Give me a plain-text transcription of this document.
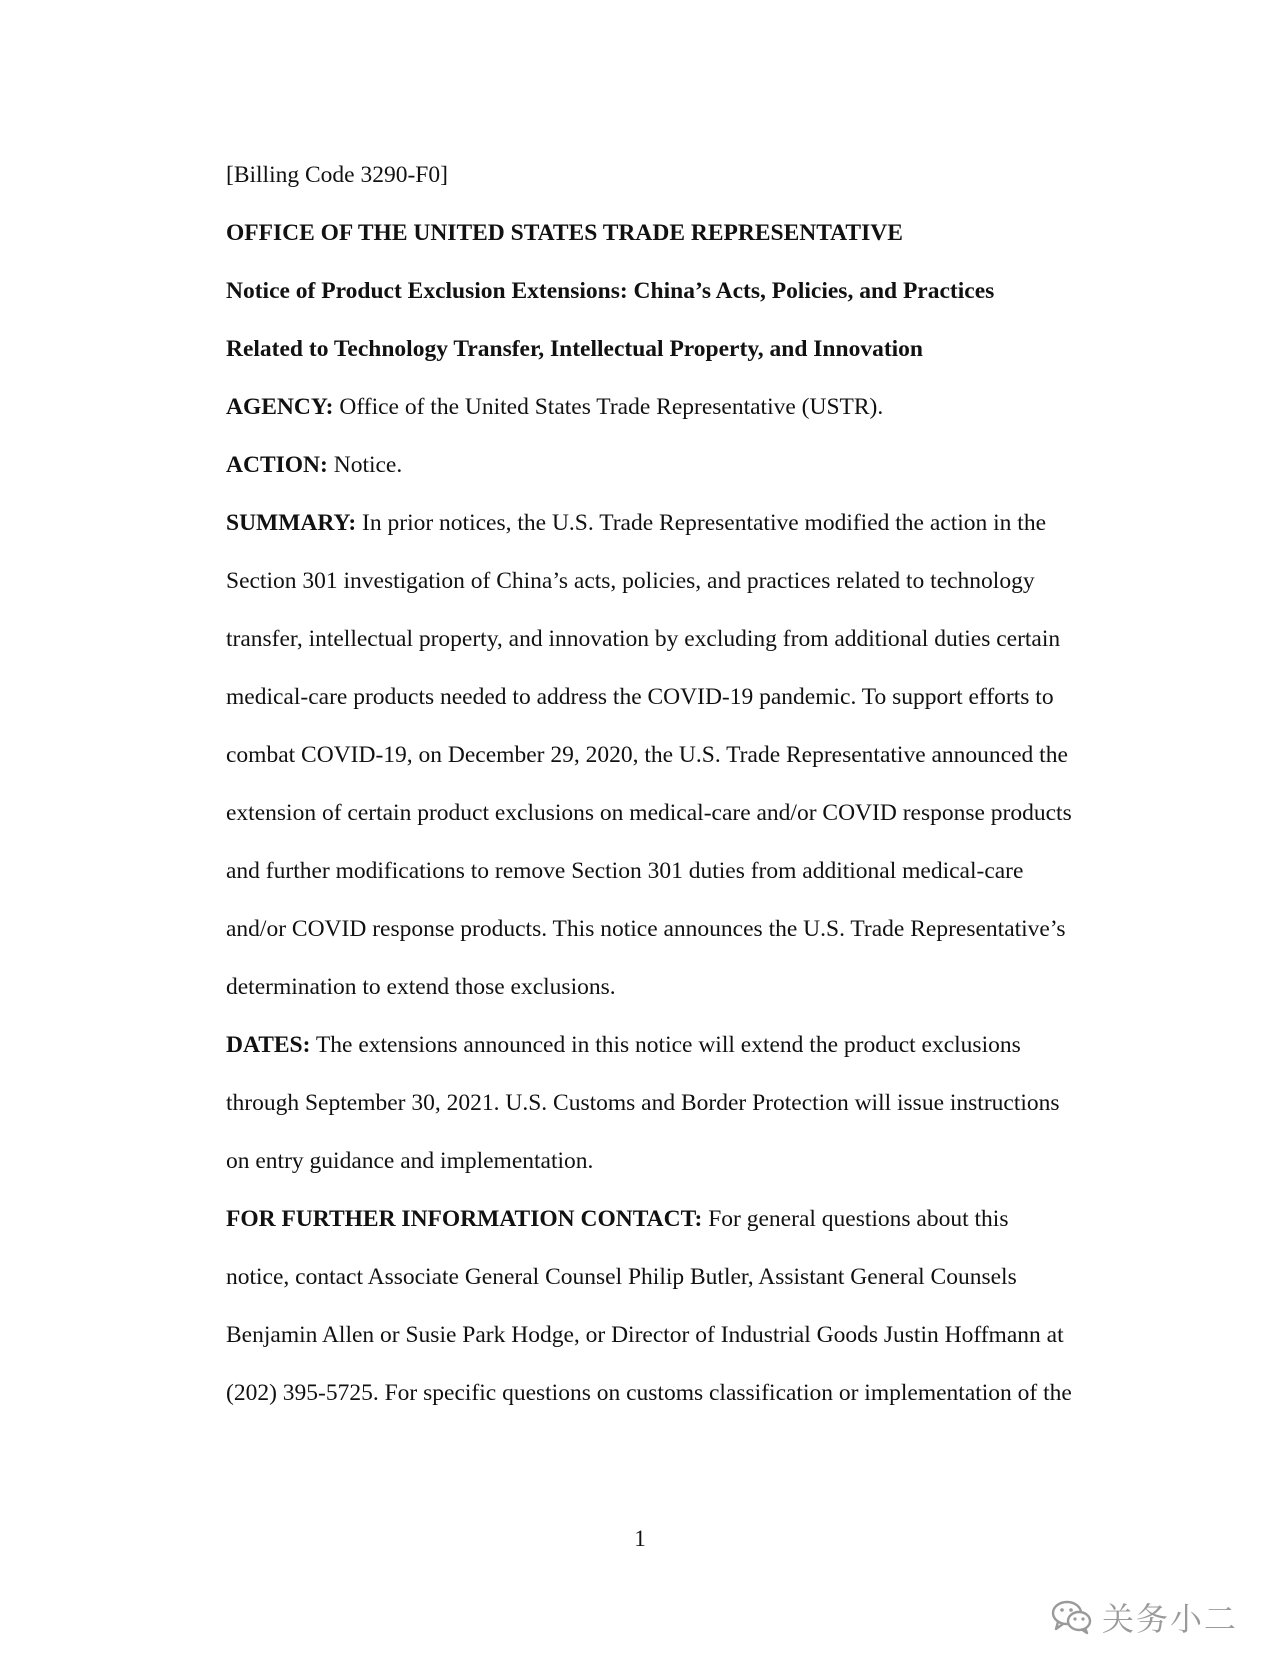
[Billing Code 3290-F0]
OFFICE OF THE UNITED STATES TRADE REPRESENTATIVE
Notice of Product Exclusion Extensions: China’s Acts, Policies, and Practices
Related to Technology Transfer, Intellectual Property, and Innovation
AGENCY: Office of the United States Trade Representative (USTR).
ACTION: Notice.
SUMMARY: In prior notices, the U.S. Trade Representative modified the action in the
Section 301 investigation of China’s acts, policies, and practices related to technology
transfer, intellectual property, and innovation by excluding from additional duties certain
medical-care products needed to address the COVID-19 pandemic. To support efforts to
combat COVID-19, on December 29, 2020, the U.S. Trade Representative announced the
extension of certain product exclusions on medical-care and/or COVID response products
and further modifications to remove Section 301 duties from additional medical-care
and/or COVID response products. This notice announces the U.S. Trade Representative’s
determination to extend those exclusions.
DATES: The extensions announced in this notice will extend the product exclusions
through September 30, 2021. U.S. Customs and Border Protection will issue instructions
on entry guidance and implementation.
FOR FURTHER INFORMATION CONTACT: For general questions about this
notice, contact Associate General Counsel Philip Butler, Assistant General Counsels
Benjamin Allen or Susie Park Hodge, or Director of Industrial Goods Justin Hoffmann at
(202) 395-5725. For specific questions on customs classification or implementation of the
1
关务小二
